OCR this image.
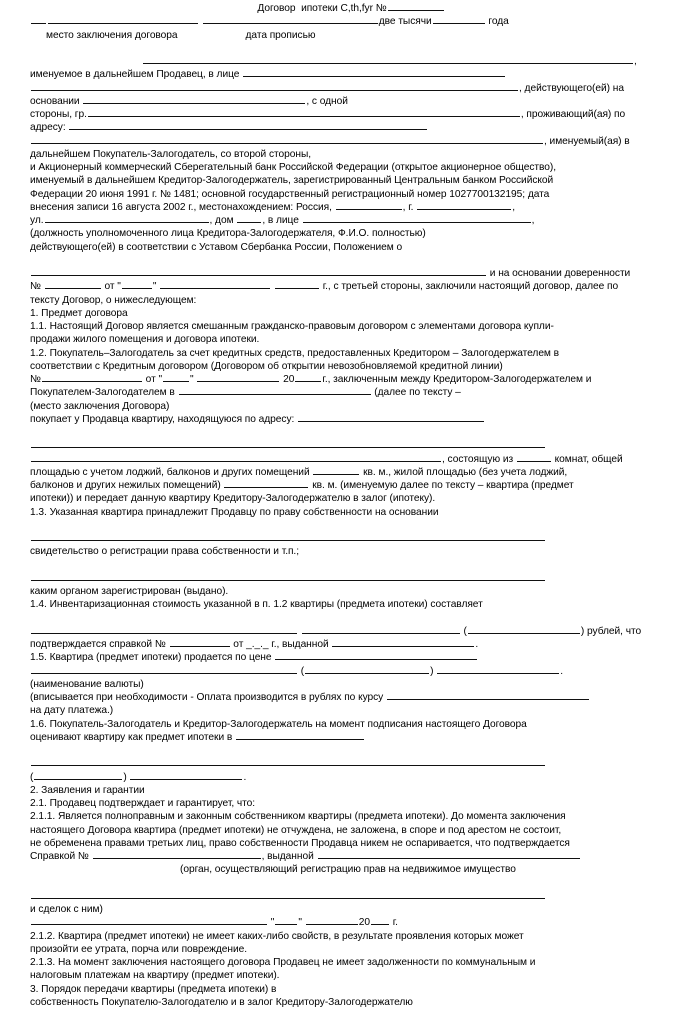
Договор  ипотеки C,th,fyr №
две тысячи	года
место заключения договора	дата прописью
,
именуемое в дальнейшем Продавец, в лице
, действующего(ей) на
основании	, с одной
стороны, гр.	, проживающий(ая) по
адресу:
, именуемый(ая) в
дальнейшем Покупатель-Залогодатель, со второй стороны,
и Акционерный коммерческий Сберегательный банк Российской Федерации (открытое акционерное общество),
именуемый в дальнейшем Кредитор-Залогодержатель, зарегистрированный Центральным банком Российской
Федерации 20 июня 1991 г. № 1481; основной государственный регистрационный номер 1027700132195; дата
внесения записи 16 августа 2002 г., местонахождением: Россия,	, г.	,
ул.	, дом	, в лице	,
(должность уполномоченного лица Кредитора-Залогодержателя, Ф.И.О. полностью)
действующего(ей) в соответствии с Уставом Сбербанка России, Положением о
и на основании доверенности
№	от "	"	г., с третьей стороны, заключили настоящий договор, далее по
тексту Договор, о нижеследующем:
1. Предмет договора
1.1. Настоящий Договор является смешанным гражданско-правовым договором с элементами договора купли-
продажи жилого помещения и договора ипотеки.
1.2. Покупатель–Залогодатель за счет кредитных средств, предоставленных Кредитором – Залогодержателем в
соответствии с Кредитным договором (Договором об открытии невозобновляемой кредитной линии)
№	от "	"	20	г., заключенным между Кредитором-Залогодержателем и
Покупателем-Залогодателем в	(далее по тексту –
(место заключения Договора)
покупает у Продавца квартиру, находящуюся по адресу:
, состоящую из	комнат, общей
площадью с учетом лоджий, балконов и других помещений	кв. м., жилой площадью (без учета лоджий,
балконов и других нежилых помещений)	кв. м. (именуемую далее по тексту – квартира (предмет
ипотеки)) и передает данную квартиру Кредитору-Залогодержателю в залог (ипотеку).
1.3. Указанная квартира принадлежит Продавцу по праву собственности на основании
свидетельство о регистрации права собственности и т.п.;
каким органом зарегистрирован (выдано).
1.4. Инвентаризационная стоимость указанной в п. 1.2 квартиры (предмета ипотеки) составляет
(	) рублей, что
подтверждается справкой №	от _._._ г., выданной	.
1.5. Квартира (предмет ипотеки) продается по цене
(	)	.
(наименование валюты)
(вписывается при необходимости - Оплата производится в рублях по курсу
на дату платежа.)
1.6. Покупатель-Залогодатель и Кредитор-Залогодержатель на момент подписания настоящего Договора
оценивают квартиру как предмет ипотеки в
(	)	.
2. Заявления и гарантии
2.1. Продавец подтверждает и гарантирует, что:
2.1.1. Является полноправным и законным собственником квартиры (предмета ипотеки). До момента заключения
настоящего Договора квартира (предмет ипотеки) не отчуждена, не заложена, в споре и под арестом не состоит,
не обременена правами третьих лиц, право собственности Продавца никем не оспаривается, что подтверждается
Справкой №	, выданной
(орган, осуществляющий регистрацию прав на недвижимое имущество
и сделок с ним)
" "	20 г.
2.1.2. Квартира (предмет ипотеки) не имеет каких-либо свойств, в результате проявления которых может
произойти ее утрата, порча или повреждение.
2.1.3. На момент заключения настоящего договора Продавец не имеет задолженности по коммунальным и
налоговым платежам на квартиру (предмет ипотеки).
3. Порядок передачи квартиры (предмета ипотеки) в
собственность Покупателю-Залогодателю и в залог Кредитору-Залогодержателю
